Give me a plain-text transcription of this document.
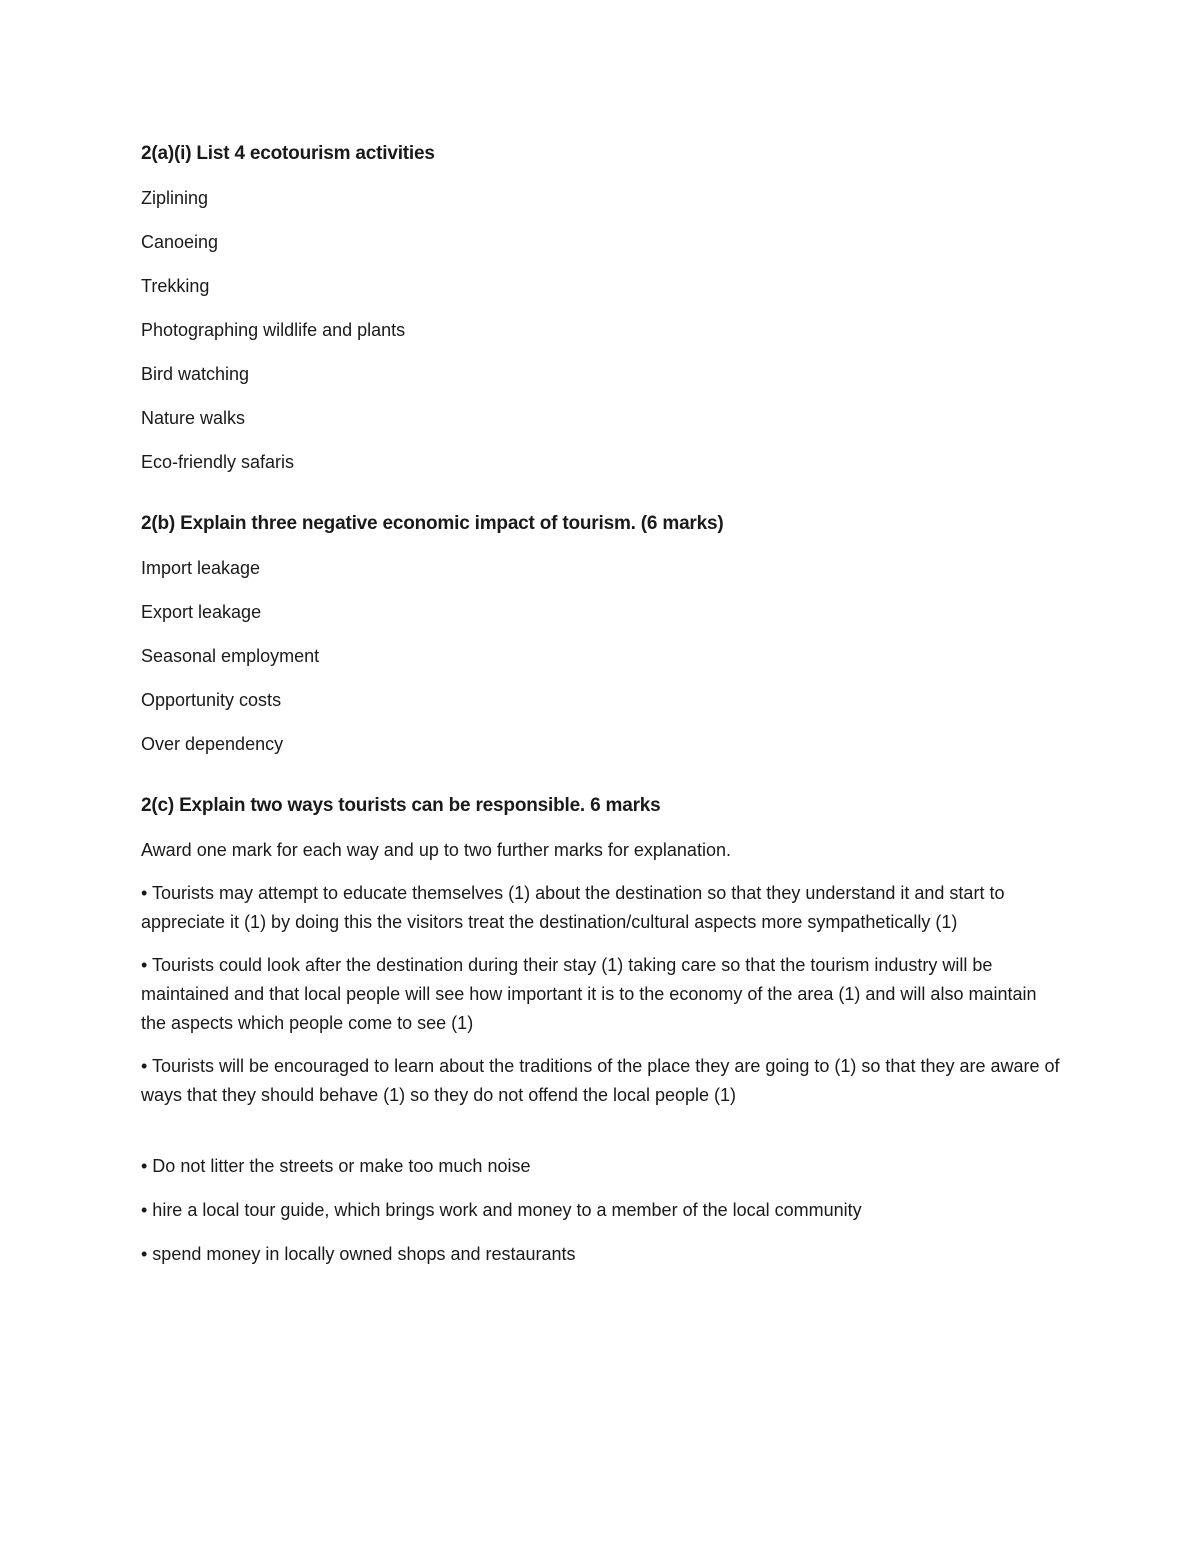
2(a)(i) List 4 ecotourism activities
Ziplining
Canoeing
Trekking
Photographing wildlife and plants
Bird watching
Nature walks
Eco-friendly safaris
2(b) Explain three negative economic impact of tourism. (6 marks)
Import leakage
Export leakage
Seasonal employment
Opportunity costs
Over dependency
2(c) Explain two ways tourists can be responsible. 6 marks
Award one mark for each way and up to two further marks for explanation.
• Tourists may attempt to educate themselves (1) about the destination so that they understand it and start to appreciate it (1) by doing this the visitors treat the destination/cultural aspects more sympathetically (1)
• Tourists could look after the destination during their stay (1) taking care so that the tourism industry will be maintained and that local people will see how important it is to the economy of the area (1) and will also maintain the aspects which people come to see (1)
• Tourists will be encouraged to learn about the traditions of the place they are going to (1) so that they are aware of ways that they should behave (1) so they do not offend the local people (1)
• Do not litter the streets or make too much noise
• hire a local tour guide, which brings work and money to a member of the local community
• spend money in locally owned shops and restaurants
